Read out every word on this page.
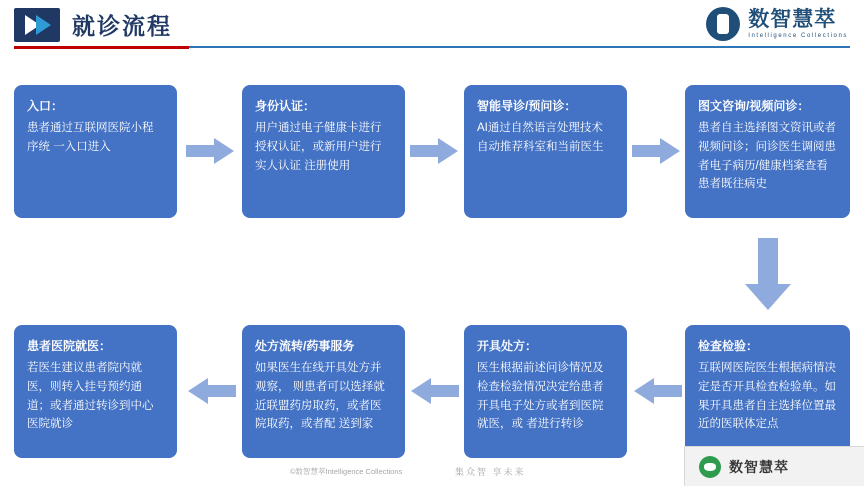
就诊流程	数智慧萃
Intelligence Collections
入口：
患者通过互联网医院小程序统 一入口进入
身份认证：
用户通过电子健康卡进行授权认证，或新用户进行实人认证 注册使用
智能导诊/预问诊：
AI通过自然语言处理技术自动推荐科室和当前医生
图文咨询/视频问诊：
患者自主选择图文资讯或者视频问诊；问诊医生调阅患者电子病历/健康档案查看患者既往病史
检查检验：
互联网医院医生根据病情决定是否开具检查检验单。如果开具患者自主选择位置最近的医联体定点
开具处方：
医生根据前述问诊情况及检查检验情况决定给患者开具电子处方或者到医院就医，或 者进行转诊
处方流转/药事服务
如果医生在线开具处方并观察， 则患者可以选择就近联盟药房取药，或者医院取药，或者配 送到家
患者医院就医：
若医生建议患者院内就医，则转入挂号预约通道；或者通过转诊到中心医院就诊
©数智慧萃Intelligence Collections	集众智 享未来	数智慧萃
